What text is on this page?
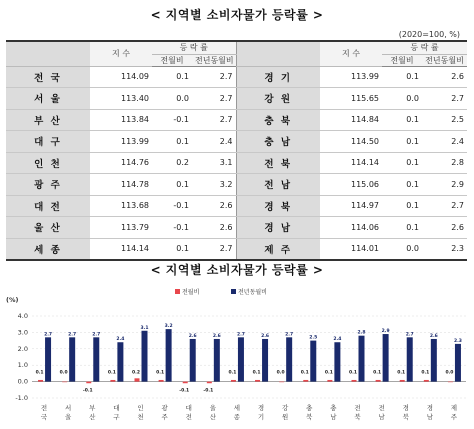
< 지역별 소비자물가 등락률 >
(2020=100, %)
	지 수	등 락 률			지 수	등 락 률	
		전월비	전년동월비			전월비	전년동월비
전 국	114.09	0.1	2.7	경 기	113.99	0.1	2.6
서 울	113.40	0.0	2.7	강 원	115.65	0.0	2.7
부 산	113.84	-0.1	2.7	충 북	114.84	0.1	2.5
대 구	113.99	0.1	2.4	충 남	114.50	0.1	2.4
인 천	114.76	0.2	3.1	전 북	114.14	0.1	2.8
광 주	114.78	0.1	3.2	전 남	115.06	0.1	2.9
대 전	113.68	-0.1	2.6	경 북	114.97	0.1	2.7
울 산	113.79	-0.1	2.6	경 남	114.06	0.1	2.6
세 종	114.14	0.1	2.7	제 주	114.01	0.0	2.3
< 지역별 소비자물가 등락률 >
(%)
전월비	전년동월비
-1.0
0.0
1.0
2.0
3.0
4.0
0.1
2.7
전
국
0.0
2.7
서
울
-0.1
2.7
부
산
0.1
2.4
대
구
0.2
3.1
인
천
0.1
3.2
광
주
-0.1
2.6
대
전
-0.1
2.6
울
산
0.1
2.7
세
종
0.1
2.6
경
기
0.0
2.7
강
원
0.1
2.5
충
북
0.1
2.4
충
남
0.1
2.8
전
북
0.1
2.9
전
남
0.1
2.7
경
북
0.1
2.6
경
남
0.0
2.3
제
주
